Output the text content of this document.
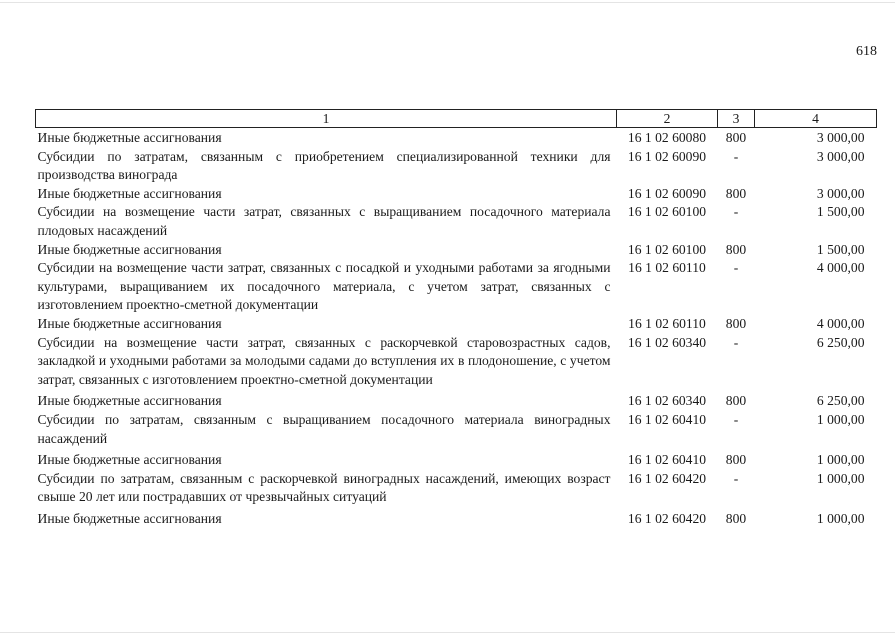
618
1	2	3	4
Иные бюджетные ассигнования	16 1 02 60080	800	3 000,00
Субсидии по затратам, связанным с приобретением специализированной техники для производства винограда	16 1 02 60090	-	3 000,00
Иные бюджетные ассигнования	16 1 02 60090	800	3 000,00
Субсидии на возмещение части затрат, связанных с выращиванием посадочного материала плодовых насаждений	16 1 02 60100	-	1 500,00
Иные бюджетные ассигнования	16 1 02 60100	800	1 500,00
Субсидии на возмещение части затрат, связанных с посадкой и уходными работами за ягодными культурами, выращиванием их посадочного материала, с учетом затрат, связанных с изготовлением проектно-сметной документации	16 1 02 60110	-	4 000,00
Иные бюджетные ассигнования	16 1 02 60110	800	4 000,00
Субсидии на возмещение части затрат, связанных с раскорчевкой старовозрастных садов, закладкой и уходными работами за молодыми садами до вступления их в плодоношение, с учетом затрат, связанных с изготовлением проектно-сметной документации	16 1 02 60340	-	6 250,00
Иные бюджетные ассигнования	16 1 02 60340	800	6 250,00
Субсидии по затратам, связанным с выращиванием посадочного материала виноградных насаждений	16 1 02 60410	-	1 000,00
Иные бюджетные ассигнования	16 1 02 60410	800	1 000,00
Субсидии по затратам, связанным с раскорчевкой виноградных насаждений, имеющих возраст свыше 20 лет или пострадавших от чрезвычайных ситуаций	16 1 02 60420	-	1 000,00
Иные бюджетные ассигнования	16 1 02 60420	800	1 000,00
